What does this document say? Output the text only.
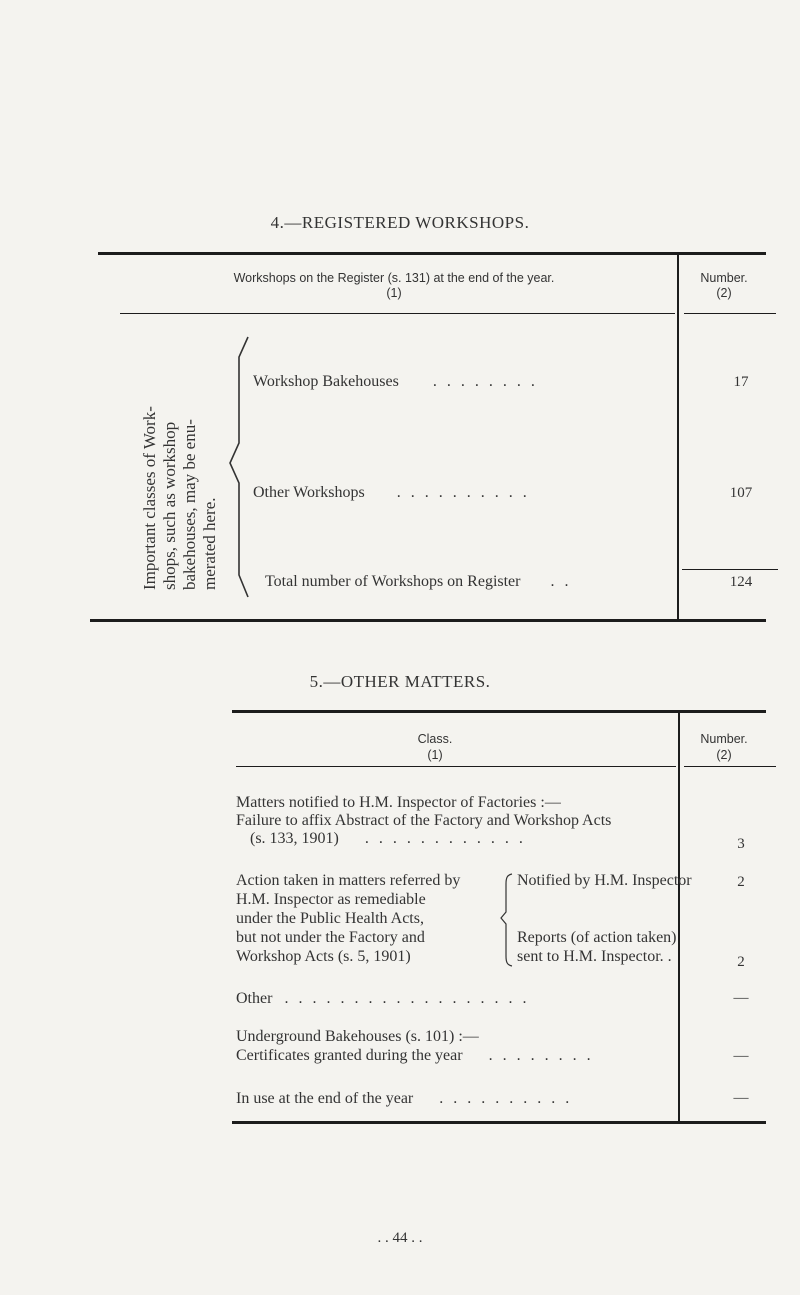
4.—REGISTERED WORKSHOPS.
Workshops on the Register (s. 131) at the end of the year.
(1)
Number.
(2)
Important classes of Work- shops, such as workshop bakehouses, may be enu- merated here.
Workshop Bakehouses . . . . . . . .	17
Other Workshops . . . . . . . . . .	107
Total number of Workshops on Register . .	124
5.—OTHER MATTERS.
Class.
(1)
Number.
(2)
Matters notified to H.M. Inspector of Factories :—
Failure to affix Abstract of the Factory and Workshop Acts
(s. 133, 1901) . . . . . . . . . . . .	3
Action taken in matters referred by
H.M. Inspector as remediable
under the Public Health Acts,
but not under the Factory and
Workshop Acts (s. 5, 1901)
Notified by H.M. Inspector	2
Reports (of action taken)
sent to H.M. Inspector. .	2
Other . . . . . . . . . . . . . . . . . .	—
Underground Bakehouses (s. 101) :—
Certificates granted during the year . . . . . . . .	—
In use at the end of the year . . . . . . . . . .	—
. . 44 . .
